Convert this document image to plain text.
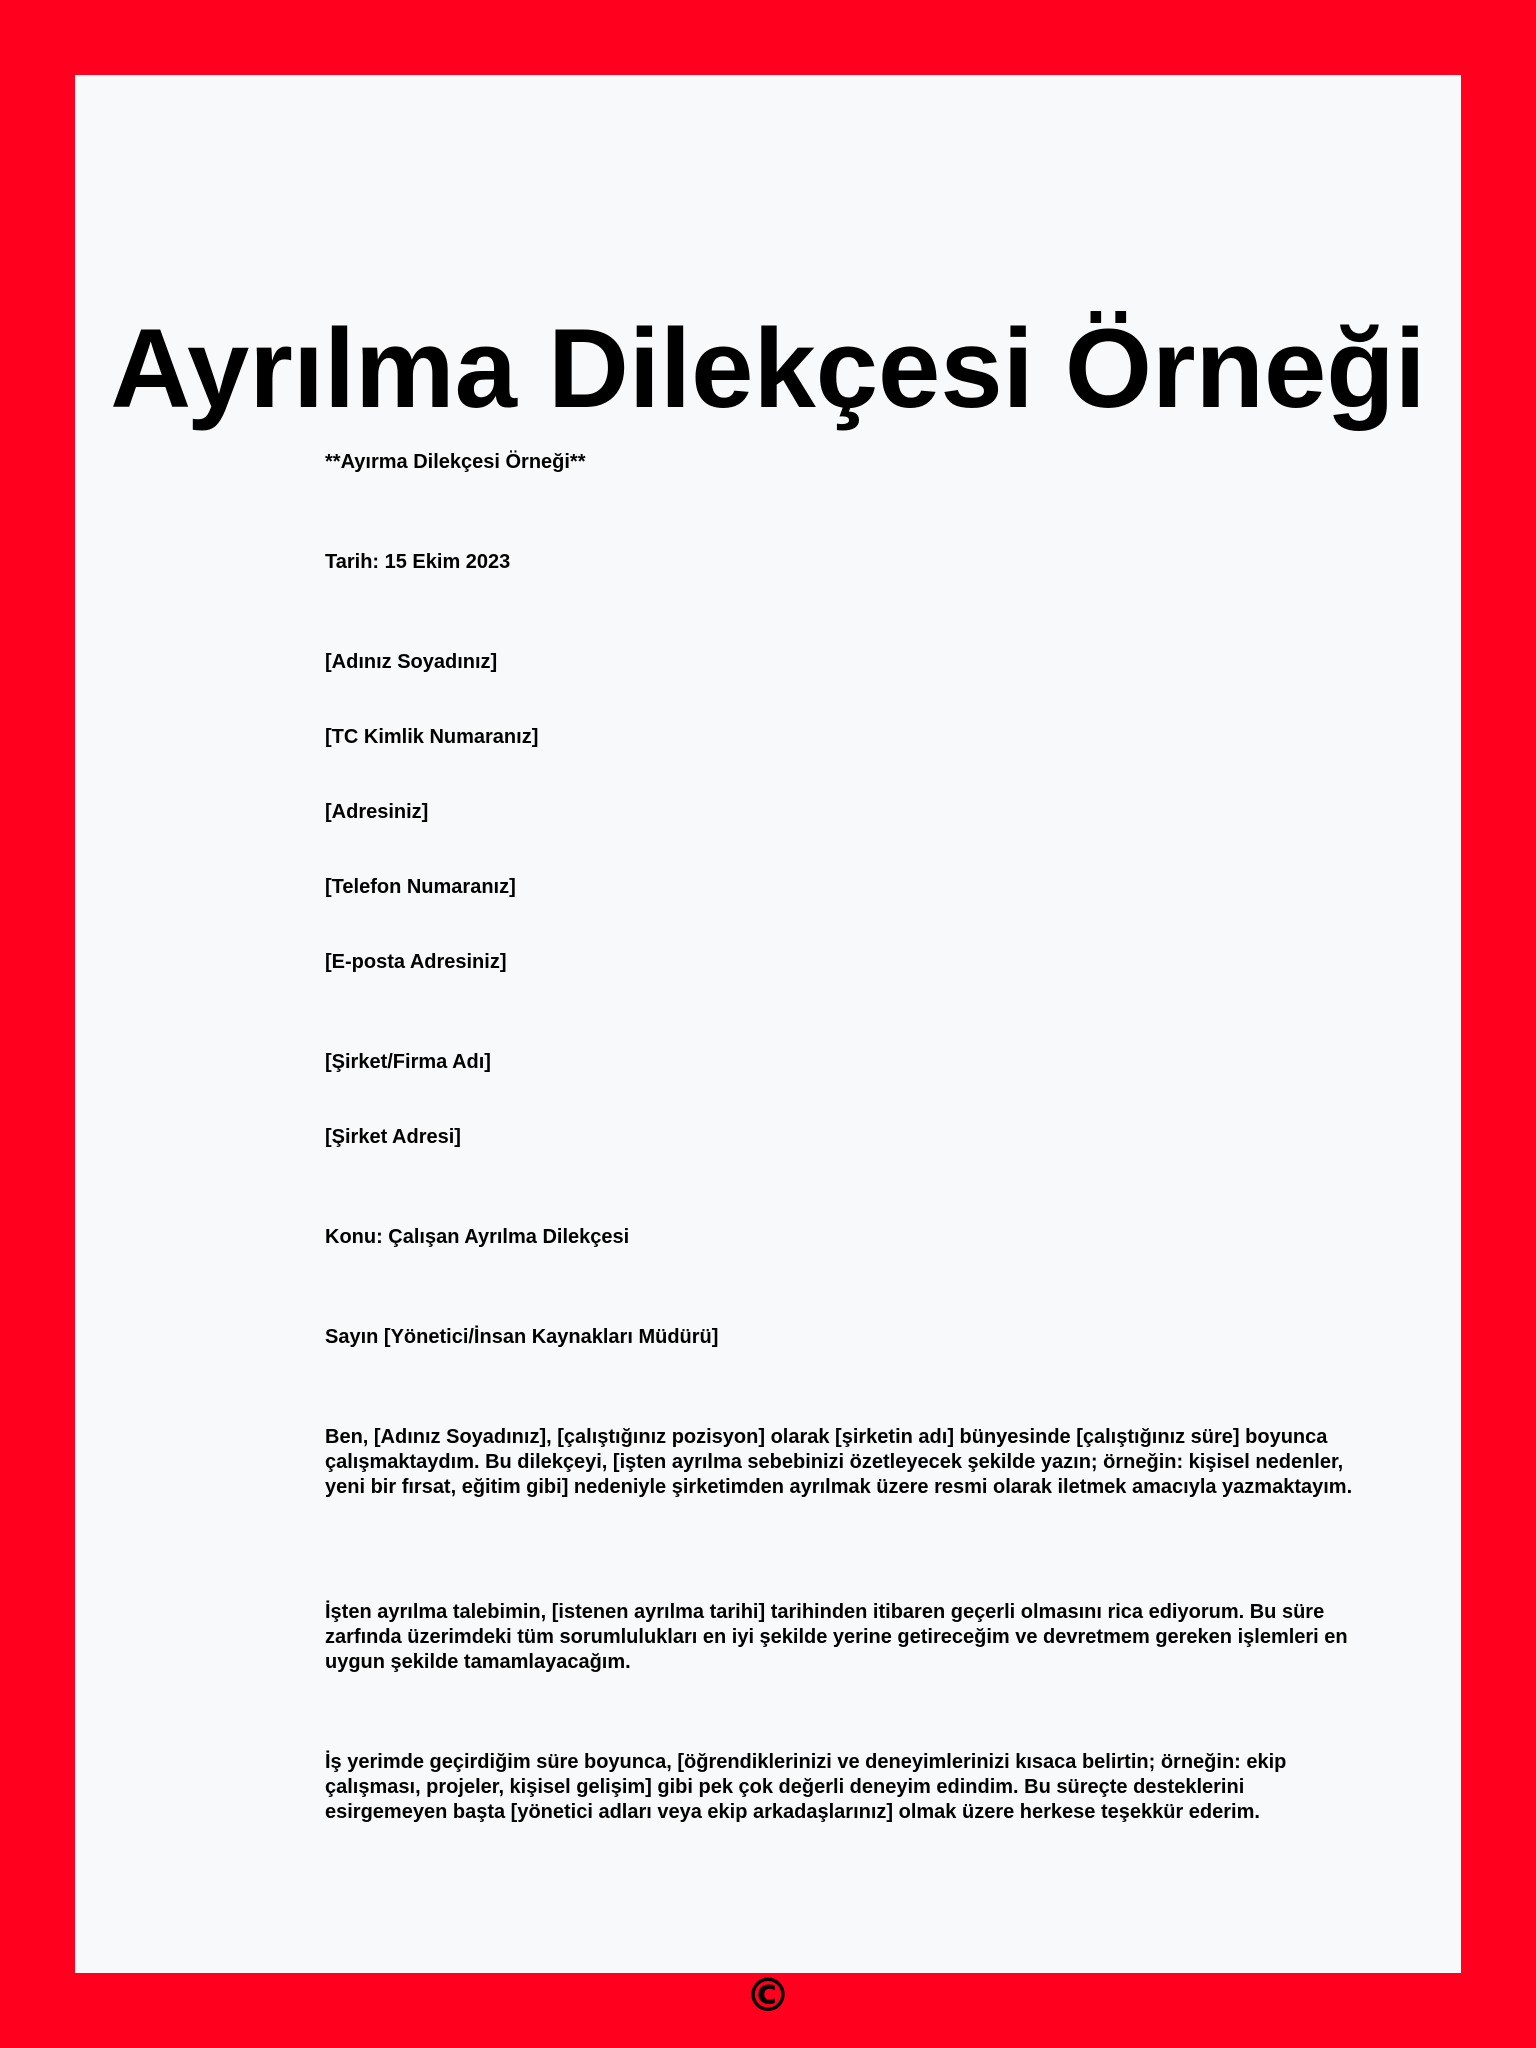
Ayrılma Dilekçesi Örneği

**Ayırma Dilekçesi Örneği**

Tarih: 15 Ekim 2023

[Adınız Soyadınız]

[TC Kimlik Numaranız]

[Adresiniz]

[Telefon Numaranız]

[E-posta Adresiniz]

[Şirket/Firma Adı]

[Şirket Adresi]

Konu: Çalışan Ayrılma Dilekçesi

Sayın [Yönetici/İnsan Kaynakları Müdürü]

Ben, [Adınız Soyadınız], [çalıştığınız pozisyon] olarak [şirketin adı] bünyesinde [çalıştığınız süre] boyunca çalışmaktaydım. Bu dilekçeyi, [işten ayrılma sebebinizi özetleyecek şekilde yazın; örneğin: kişisel nedenler, yeni bir fırsat, eğitim gibi] nedeniyle şirketimden ayrılmak üzere resmi olarak iletmek amacıyla yazmaktayım.

İşten ayrılma talebimin, [istenen ayrılma tarihi] tarihinden itibaren geçerli olmasını rica ediyorum. Bu süre zarfında üzerimdeki tüm sorumlulukları en iyi şekilde yerine getireceğim ve devretmem gereken işlemleri en uygun şekilde tamamlayacağım.

İş yerimde geçirdiğim süre boyunca, [öğrendiklerinizi ve deneyimlerinizi kısaca belirtin; örneğin: ekip çalışması, projeler, kişisel gelişim] gibi pek çok değerli deneyim edindim. Bu süreçte desteklerini esirgemeyen başta [yönetici adları veya ekip arkadaşlarınız] olmak üzere herkese teşekkür ederim.

©
